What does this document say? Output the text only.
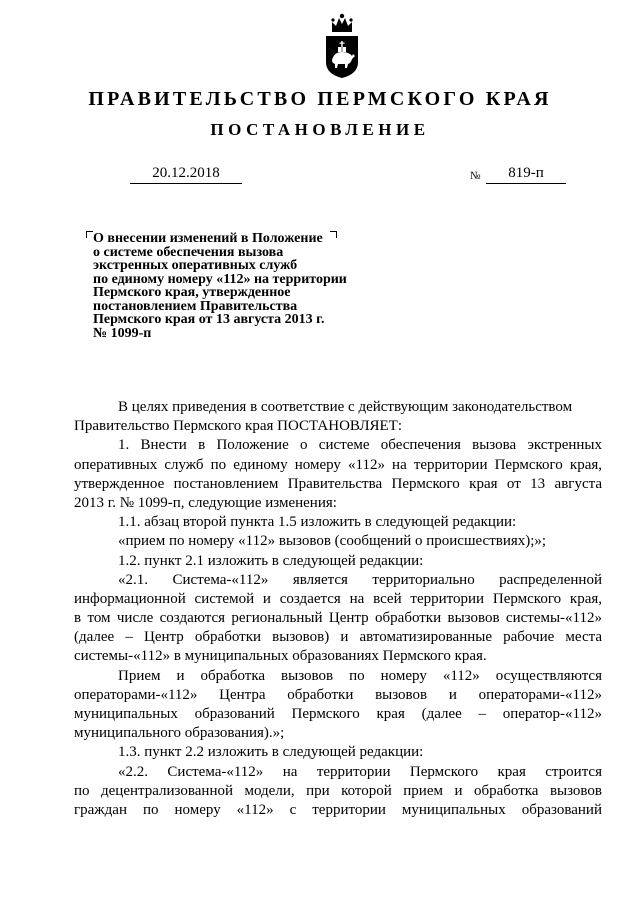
ПРАВИТЕЛЬСТВО ПЕРМСКОГО КРАЯ
ПОСТАНОВЛЕНИЕ
20.12.2018	№	819-п
О внесении изменений в Положение
о системе обеспечения вызова
экстренных оперативных служб
по единому номеру «112» на территории
Пермского края, утвержденное
постановлением Правительства
Пермского края от 13 августа 2013 г.
№ 1099-п
В целях приведения в соответствие с действующим законодательством
Правительство Пермского края ПОСТАНОВЛЯЕТ:
1. Внести в Положение о системе обеспечения вызова экстренных
оперативных служб по единому номеру «112» на территории Пермского края,
утвержденное постановлением Правительства Пермского края от 13 августа
2013 г. № 1099-п, следующие изменения:
1.1. абзац второй пункта 1.5 изложить в следующей редакции:
«прием по номеру «112» вызовов (сообщений о происшествиях);»;
1.2. пункт 2.1 изложить в следующей редакции:
«2.1. Система-«112» является территориально распределенной
информационной системой и создается на всей территории Пермского края,
в том числе создаются региональный Центр обработки вызовов системы-«112»
(далее – Центр обработки вызовов) и автоматизированные рабочие места
системы-«112» в муниципальных образованиях Пермского края.
Прием и обработка вызовов по номеру «112» осуществляются
операторами-«112» Центра обработки вызовов и операторами-«112»
муниципальных образований Пермского края (далее – оператор-«112»
муниципального образования).»;
1.3. пункт 2.2 изложить в следующей редакции:
«2.2. Система-«112» на территории Пермского края строится
по децентрализованной модели, при которой прием и обработка вызовов
граждан по номеру «112» с территории муниципальных образований
